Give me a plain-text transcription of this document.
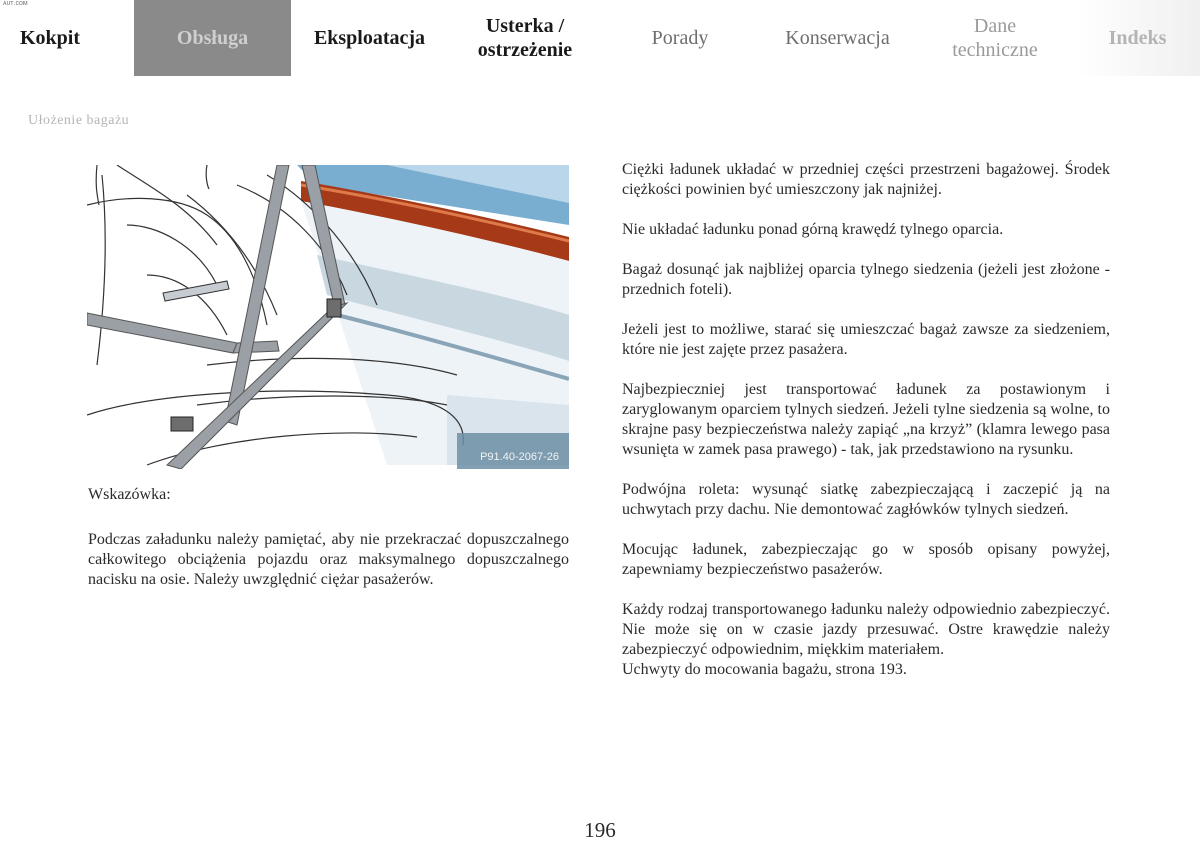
ᴀᴜᴛ.ᴄᴏᴍ
Kokpit	Obsługa	Eksploatacja
Usterka /
ostrzeżenie
Porady	Konserwacja
Dane
techniczne
Indeks
Ułożenie bagażu
P91.40-2067-26
Wskazówka:

Podczas załadunku należy pamiętać, aby nie przekraczać dopuszczalnego całkowitego obciążenia pojazdu oraz maksymalnego dopuszczalnego nacisku na osie. Należy uwzględnić ciężar pasażerów.

Ciężki ładunek układać w przedniej części przestrzeni bagażowej. Środek ciężkości powinien być umieszczony jak najniżej.

Nie układać ładunku ponad górną krawędź tylnego oparcia.

Bagaż dosunąć jak najbliżej oparcia tylnego siedzenia (jeżeli jest złożone - przednich foteli).

Jeżeli jest to możliwe, starać się umieszczać bagaż zawsze za siedzeniem, które nie jest zajęte przez pasażera.

Najbezpieczniej jest transportować ładunek za postawionym i zaryglowanym oparciem tylnych siedzeń. Jeżeli tylne siedzenia są wolne, to skrajne pasy bezpieczeństwa należy zapiąć „na krzyż” (klamra lewego pasa wsunięta w zamek pasa prawego) - tak, jak przedstawiono na rysunku.

Podwójna roleta: wysunąć siatkę zabezpieczającą i zaczepić ją na uchwytach przy dachu. Nie demontować zagłówków tylnych siedzeń.

Mocując ładunek, zabezpieczając go w sposób opisany powyżej, zapewniamy bezpieczeństwo pasażerów.

Każdy rodzaj transportowanego ładunku należy odpowiednio zabezpieczyć. Nie może się on w czasie jazdy przesuwać. Ostre krawędzie należy zabezpieczyć odpowiednim, miękkim materiałem.

Uchwyty do mocowania bagażu, strona 193.

196
